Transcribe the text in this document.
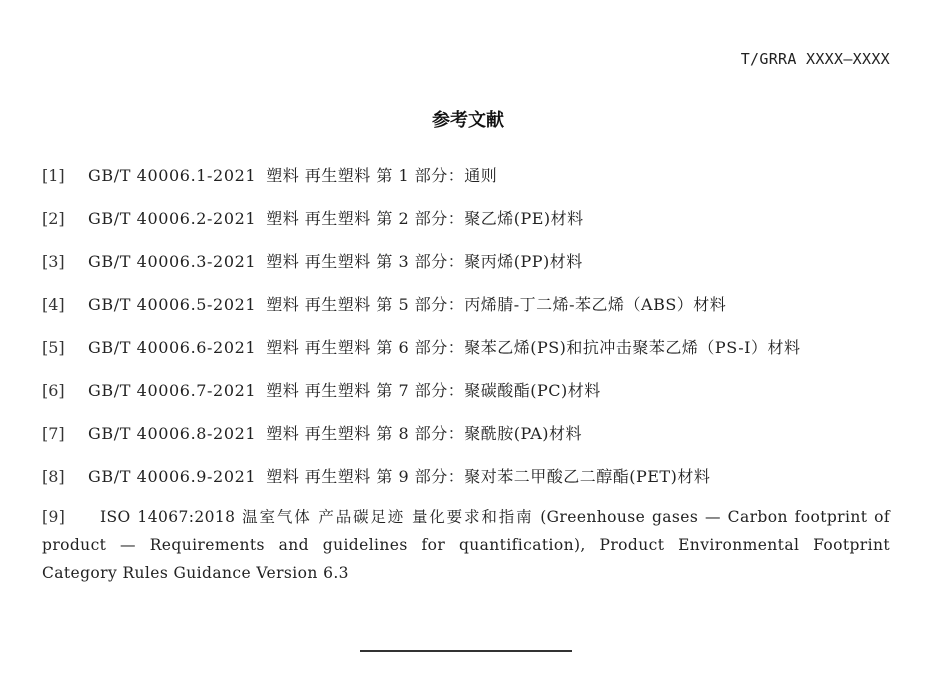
T/GRRA XXXX—XXXX
参考文献
[1]	GB/T 40006.1-2021 塑料 再生塑料 第 1 部分：通则
[2]	GB/T 40006.2-2021 塑料 再生塑料 第 2 部分：聚乙烯(PE)材料
[3]	GB/T 40006.3-2021 塑料 再生塑料 第 3 部分：聚丙烯(PP)材料
[4]	GB/T 40006.5-2021 塑料 再生塑料 第 5 部分：丙烯腈-丁二烯-苯乙烯（ABS）材料
[5]	GB/T 40006.6-2021 塑料 再生塑料 第 6 部分：聚苯乙烯(PS)和抗冲击聚苯乙烯（PS-I）材料
[6]	GB/T 40006.7-2021 塑料 再生塑料 第 7 部分：聚碳酸酯(PC)材料
[7]	GB/T 40006.8-2021 塑料 再生塑料 第 8 部分：聚酰胺(PA)材料
[8]	GB/T 40006.9-2021 塑料 再生塑料 第 9 部分：聚对苯二甲酸乙二醇酯(PET)材料
[9] ISO 14067:2018 温室气体 产品碳足迹 量化要求和指南 (Greenhouse gases — Carbon footprint of product — Requirements and guidelines for quantification), Product Environmental Footprint Category Rules Guidance Version 6.3
